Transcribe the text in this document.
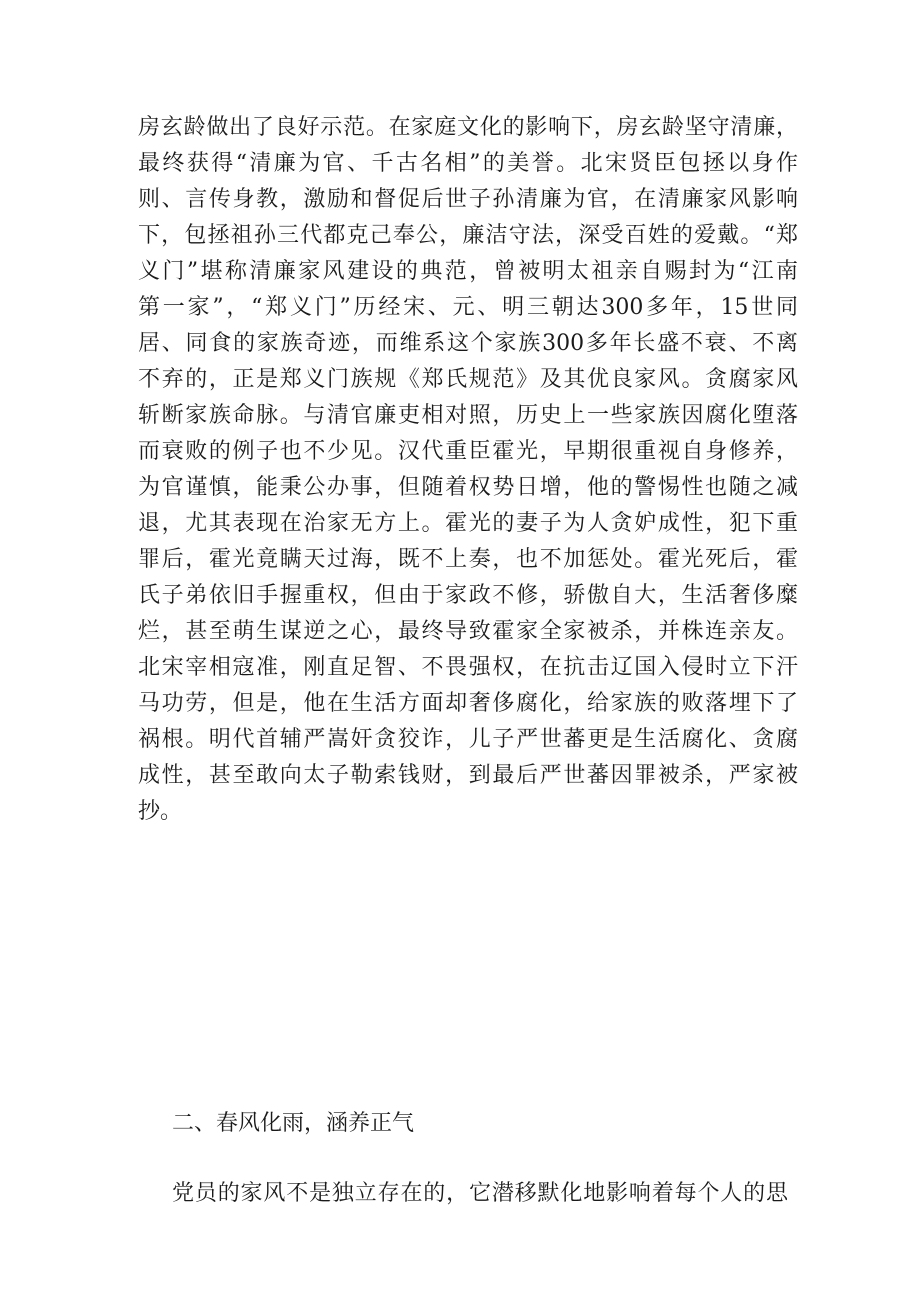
房玄龄做出了良好示范。在家庭文化的影响下，房玄龄坚守清廉，
最终获得“清廉为官、千古名相”的美誉。北宋贤臣包拯以身作
则、言传身教，激励和督促后世子孙清廉为官，在清廉家风影响
下，包拯祖孙三代都克己奉公，廉洁守法，深受百姓的爱戴。“郑
义门”堪称清廉家风建设的典范，曾被明太祖亲自赐封为“江南
第一家”，“郑义门”历经宋、元、明三朝达300多年，15世同
居、同食的家族奇迹，而维系这个家族300多年长盛不衰、不离
不弃的，正是郑义门族规《郑氏规范》及其优良家风。贪腐家风
斩断家族命脉。与清官廉吏相对照，历史上一些家族因腐化堕落
而衰败的例子也不少见。汉代重臣霍光，早期很重视自身修养，
为官谨慎，能秉公办事，但随着权势日增，他的警惕性也随之减
退，尤其表现在治家无方上。霍光的妻子为人贪妒成性，犯下重
罪后，霍光竟瞒天过海，既不上奏，也不加惩处。霍光死后，霍
氏子弟依旧手握重权，但由于家政不修，骄傲自大，生活奢侈糜
烂，甚至萌生谋逆之心，最终导致霍家全家被杀，并株连亲友。
北宋宰相寇准，刚直足智、不畏强权，在抗击辽国入侵时立下汗
马功劳，但是，他在生活方面却奢侈腐化，给家族的败落埋下了
祸根。明代首辅严嵩奸贪狡诈，儿子严世蕃更是生活腐化、贪腐
成性，甚至敢向太子勒索钱财，到最后严世蕃因罪被杀，严家被
抄。
二、春风化雨，涵养正气
党员的家风不是独立存在的，它潜移默化地影响着每个人的思
